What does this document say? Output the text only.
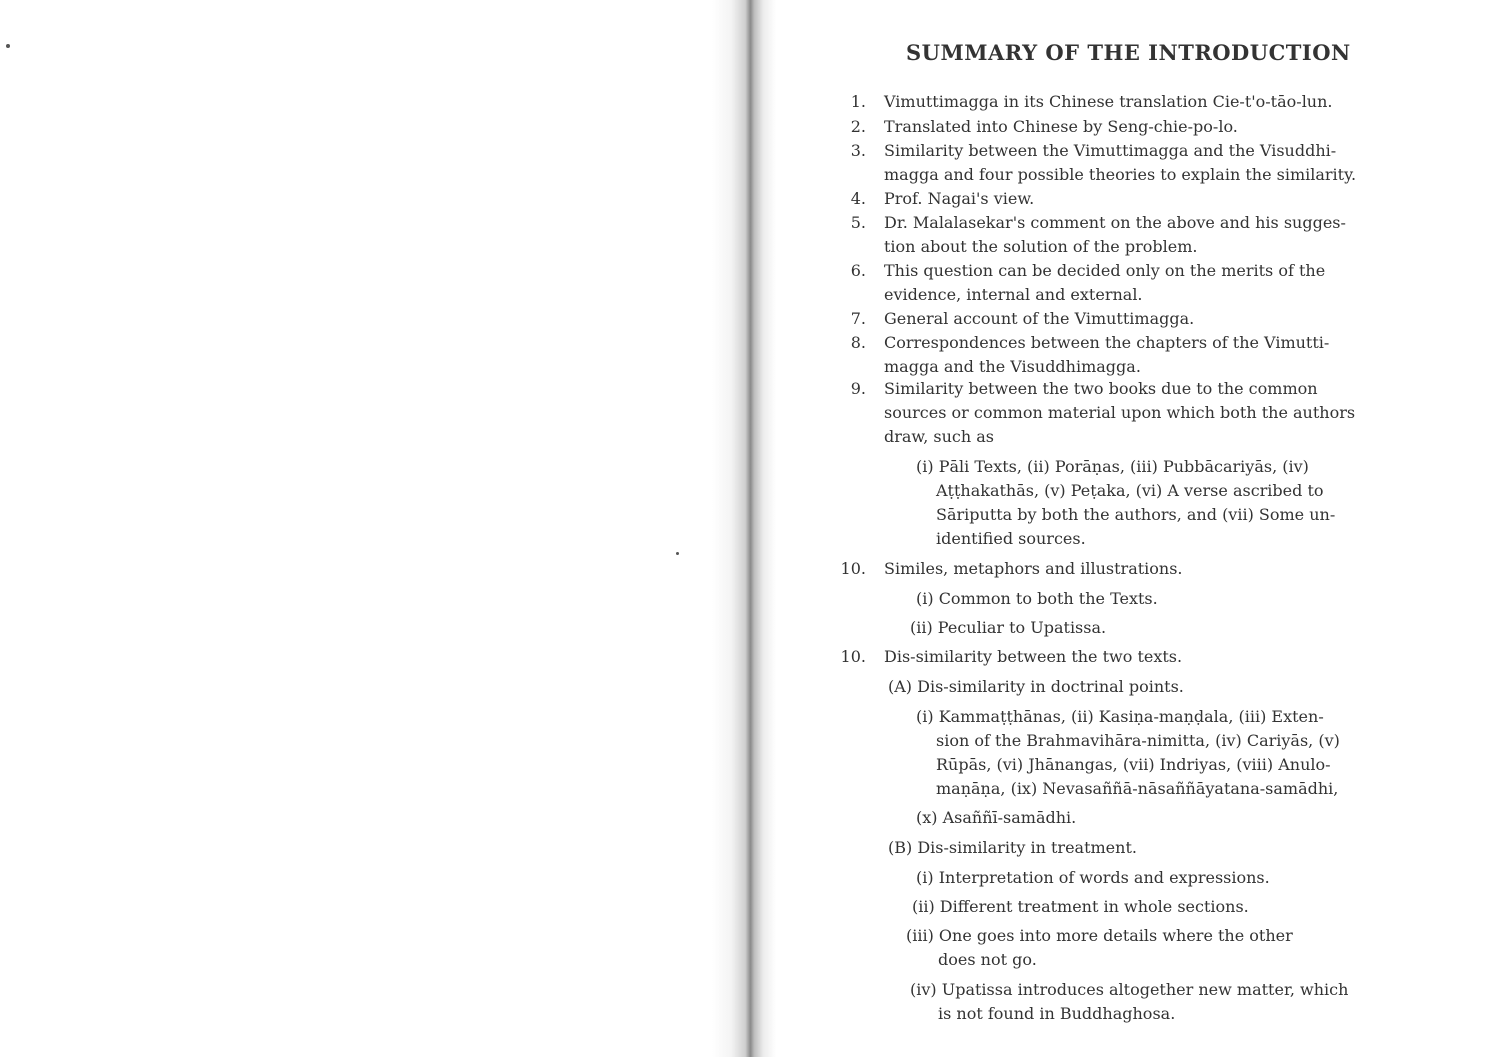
SUMMARY OF THE INTRODUCTION
1. Vimuttimagga in its Chinese translation Cie-t'o-tāo-lun.
2. Translated into Chinese by Seng-chie-po-lo.
3. Similarity between the Vimuttimagga and the Visuddhi-
magga and four possible theories to explain the similarity.
4. Prof. Nagai's view.
5. Dr. Malalasekar's comment on the above and his sugges-
tion about the solution of the problem.
6. This question can be decided only on the merits of the
evidence, internal and external.
7. General account of the Vimuttimagga.
8. Correspondences between the chapters of the Vimutti-
magga and the Visuddhimagga.
9. Similarity between the two books due to the common
sources or common material upon which both the authors
draw, such as
(i) Pāli Texts, (ii) Porāṇas, (iii) Pubbācariyās, (iv)
Aṭṭhakathās, (v) Peṭaka, (vi) A verse ascribed to
Sāriputta by both the authors, and (vii) Some un-
identified sources.
10. Similes, metaphors and illustrations.
(i) Common to both the Texts.
(ii) Peculiar to Upatissa.
10. Dis-similarity between the two texts.
(A) Dis-similarity in doctrinal points.
(i) Kammaṭṭhānas, (ii) Kasiṇa-maṇḍala, (iii) Exten-
sion of the Brahmavihāra-nimitta, (iv) Cariyās, (v)
Rūpās, (vi) Jhānangas, (vii) Indriyas, (viii) Anulo-
maṇāṇa, (ix) Nevasaññā-nāsaññāyatana-samādhi,
(x) Asaññī-samādhi.
(B) Dis-similarity in treatment.
(i) Interpretation of words and expressions.
(ii) Different treatment in whole sections.
(iii) One goes into more details where the other
does not go.
(iv) Upatissa introduces altogether new matter, which
is not found in Buddhaghosa.
